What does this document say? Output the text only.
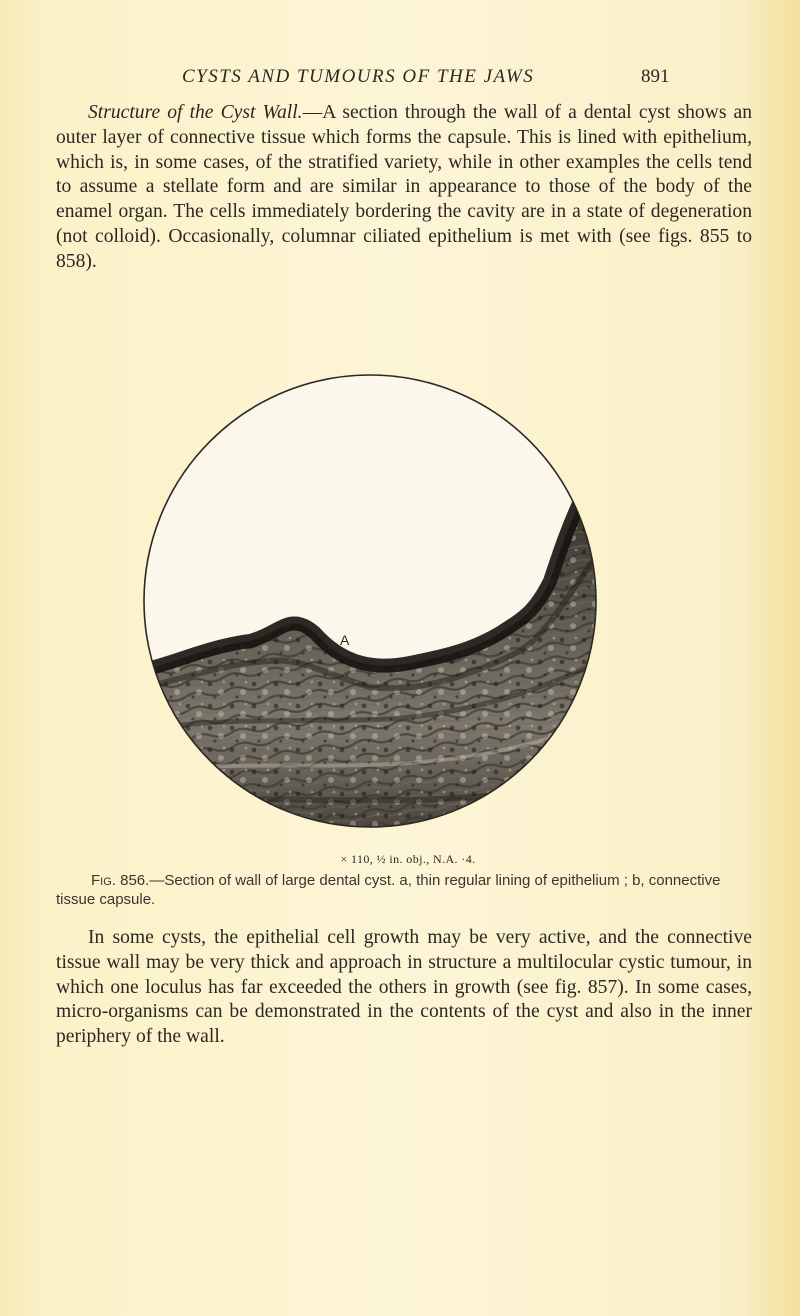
CYSTS AND TUMOURS OF THE JAWS	891

Structure of the Cyst Wall.—A section through the wall of a dental cyst shows an outer layer of connective tissue which forms the capsule. This is lined with epithelium, which is, in some cases, of the stratified variety, while in other examples the cells tend to assume a stellate form and are similar in appearance to those of the body of the enamel organ. The cells immediately bordering the cavity are in a state of degeneration (not colloid). Occasionally, columnar ciliated epithelium is met with (see figs. 855 to 858).

A
× 110, ½ in. obj., N.A. ·4.

Fig. 856.—Section of wall of large dental cyst. a, thin regular lining of epithelium ; b, connective tissue capsule.

In some cysts, the epithelial cell growth may be very active, and the connective tissue wall may be very thick and approach in structure a multilocular cystic tumour, in which one loculus has far exceeded the others in growth (see fig. 857). In some cases, micro-organisms can be demonstrated in the contents of the cyst and also in the inner periphery of the wall.
